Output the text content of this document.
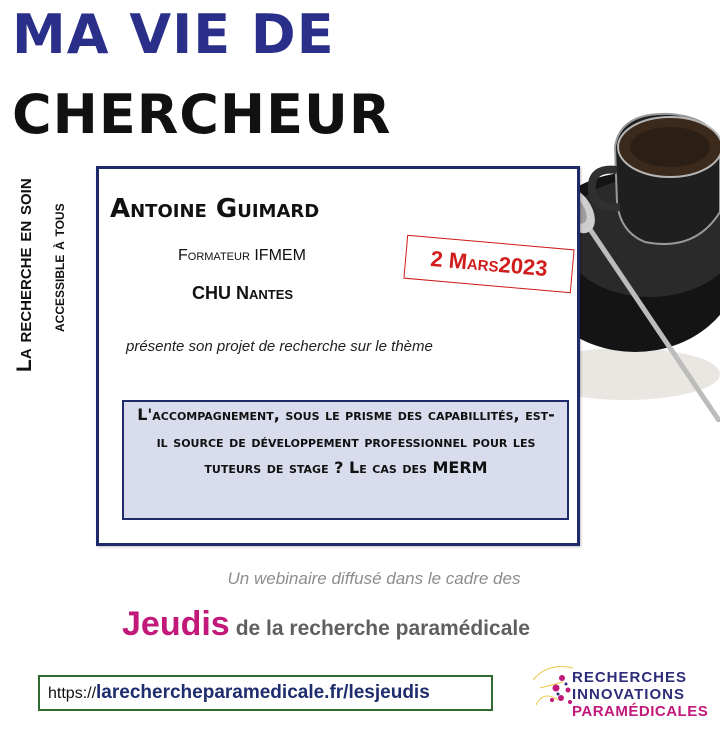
MA VIE DE
CHERCHEUR
La recherche en soin accessible à tous Antoine Guimard
Formateur IFMEM
CHU Nantes
2 Mars2023
présente son projet de recherche sur le thème
L'accompagnement, sous le prisme des capabillités, est-il source de développement professionnel pour les tuteurs de stage ? Le cas des MERM
Un webinaire diffusé dans le cadre des
Jeudis de la recherche paramédicale
https://larechercheparamedicale.fr/lesjeudis
RECHERCHES
INNOVATIONS
PARAMÉDICALES
